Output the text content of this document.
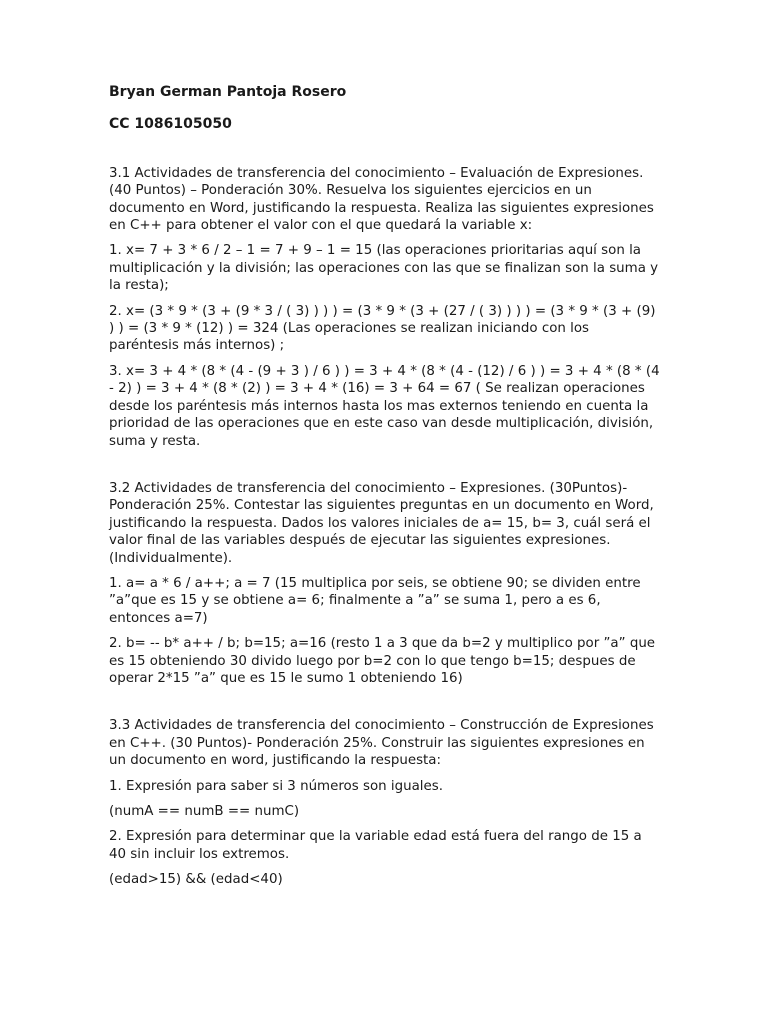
Bryan German Pantoja Rosero

CC 1086105050

3.1 Actividades de transferencia del conocimiento – Evaluación de Expresiones. (40 Puntos) – Ponderación 30%. Resuelva los siguientes ejercicios en un documento en Word, justificando la respuesta. Realiza las siguientes expresiones en C++ para obtener el valor con el que quedará la variable x:

1. x= 7 + 3 * 6 / 2 – 1 = 7 + 9 – 1 = 15 (las operaciones prioritarias aquí son la multiplicación y la división; las operaciones con las que se finalizan son la suma y la resta);

2. x= (3 * 9 * (3 + (9 * 3 / ( 3) ) ) ) = (3 * 9 * (3 + (27 / ( 3) ) ) ) = (3 * 9 * (3 + (9) ) ) = (3 * 9 * (12) ) = 324 (Las operaciones se realizan iniciando con los paréntesis más internos) ;

3. x= 3 + 4 * (8 * (4 - (9 + 3 ) / 6 ) ) = 3 + 4 * (8 * (4 - (12) / 6 ) ) = 3 + 4 * (8 * (4 - 2) ) = 3 + 4 * (8 * (2) ) = 3 + 4 * (16) = 3 + 64 = 67 ( Se realizan operaciones desde los paréntesis más internos hasta los mas externos teniendo en cuenta la prioridad de las operaciones que en este caso van desde multiplicación, división, suma y resta.

3.2 Actividades de transferencia del conocimiento – Expresiones. (30Puntos)-Ponderación 25%. Contestar las siguientes preguntas en un documento en Word, justificando la respuesta. Dados los valores iniciales de a= 15, b= 3, cuál será el valor final de las variables después de ejecutar las siguientes expresiones. (Individualmente).

1. a= a * 6 / a++; a = 7 (15 multiplica por seis, se obtiene 90; se dividen entre ”a”que es 15 y se obtiene a= 6; finalmente a ”a” se suma 1, pero a es 6, entonces a=7)

2. b= -- b* a++ / b; b=15; a=16 (resto 1 a 3 que da b=2 y multiplico por ”a” que es 15 obteniendo 30 divido luego por b=2 con lo que tengo b=15; despues de operar 2*15 ”a” que es 15 le sumo 1 obteniendo 16)

3.3 Actividades de transferencia del conocimiento – Construcción de Expresiones en C++. (30 Puntos)- Ponderación 25%. Construir las siguientes expresiones en un documento en word, justificando la respuesta:

1. Expresión para saber si 3 números son iguales.

(numA == numB == numC)

2. Expresión para determinar que la variable edad está fuera del rango de 15 a 40 sin incluir los extremos.

(edad>15) && (edad<40)
